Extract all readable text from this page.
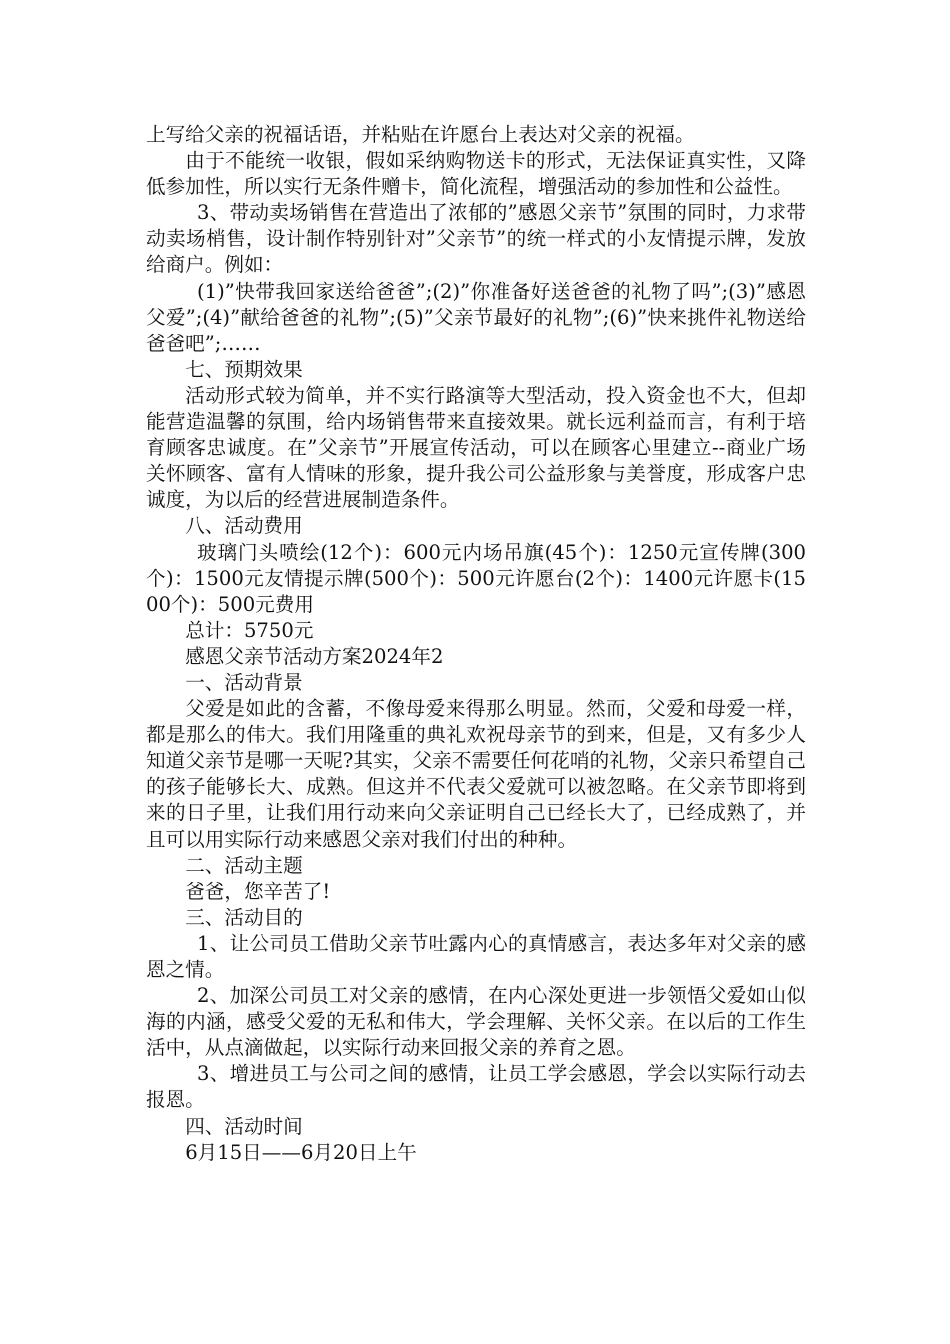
上写给父亲的祝福话语，并粘贴在许愿台上表达对父亲的祝福。

由于不能统一收银，假如采纳购物送卡的形式，无法保证真实性，又降低参加性，所以实行无条件赠卡，简化流程，增强活动的参加性和公益性。

3、带动卖场销售在营造出了浓郁的”感恩父亲节”氛围的同时，力求带动卖场梢售，设计制作特别针对”父亲节”的统一样式的小友情提示牌，发放给商户。例如：

(1)”快带我回家送给爸爸”;(2)”你准备好送爸爸的礼物了吗”;(3)”感恩父爱”;(4)”献给爸爸的礼物”;(5)”父亲节最好的礼物”;(6)”快来挑件礼物送给爸爸吧”;……

七、预期效果

活动形式较为简单，并不实行路演等大型活动，投入资金也不大，但却能营造温馨的氛围，给内场销售带来直接效果。就长远利益而言，有利于培育顾客忠诚度。在”父亲节”开展宣传活动，可以在顾客心里建立--商业广场关怀顾客、富有人情味的形象，提升我公司公益形象与美誉度，形成客户忠诚度，为以后的经营进展制造条件。

八、活动费用

玻璃门头喷绘(12个)：600元内场吊旗(45个)：1250元宣传牌(300个)：1500元友情提示牌(500个)：500元许愿台(2个)：1400元许愿卡(1500个)：500元费用

总计：5750元

感恩父亲节活动方案2024年2

一、活动背景

父爱是如此的含蓄，不像母爱来得那么明显。然而，父爱和母爱一样，都是那么的伟大。我们用隆重的典礼欢祝母亲节的到来，但是，又有多少人知道父亲节是哪一天呢?其实，父亲不需要任何花哨的礼物，父亲只希望自己的孩子能够长大、成熟。但这并不代表父爱就可以被忽略。在父亲节即将到来的日子里，让我们用行动来向父亲证明自己已经长大了，已经成熟了，并且可以用实际行动来感恩父亲对我们付出的种种。

二、活动主题

爸爸，您辛苦了!

三、活动目的

1、让公司员工借助父亲节吐露内心的真情感言，表达多年对父亲的感恩之情。

2、加深公司员工对父亲的感情，在内心深处更进一步领悟父爱如山似海的内涵，感受父爱的无私和伟大，学会理解、关怀父亲。在以后的工作生活中，从点滴做起，以实际行动来回报父亲的养育之恩。

3、增进员工与公司之间的感情，让员工学会感恩，学会以实际行动去报恩。

四、活动时间

6月15日——6月20日上午
